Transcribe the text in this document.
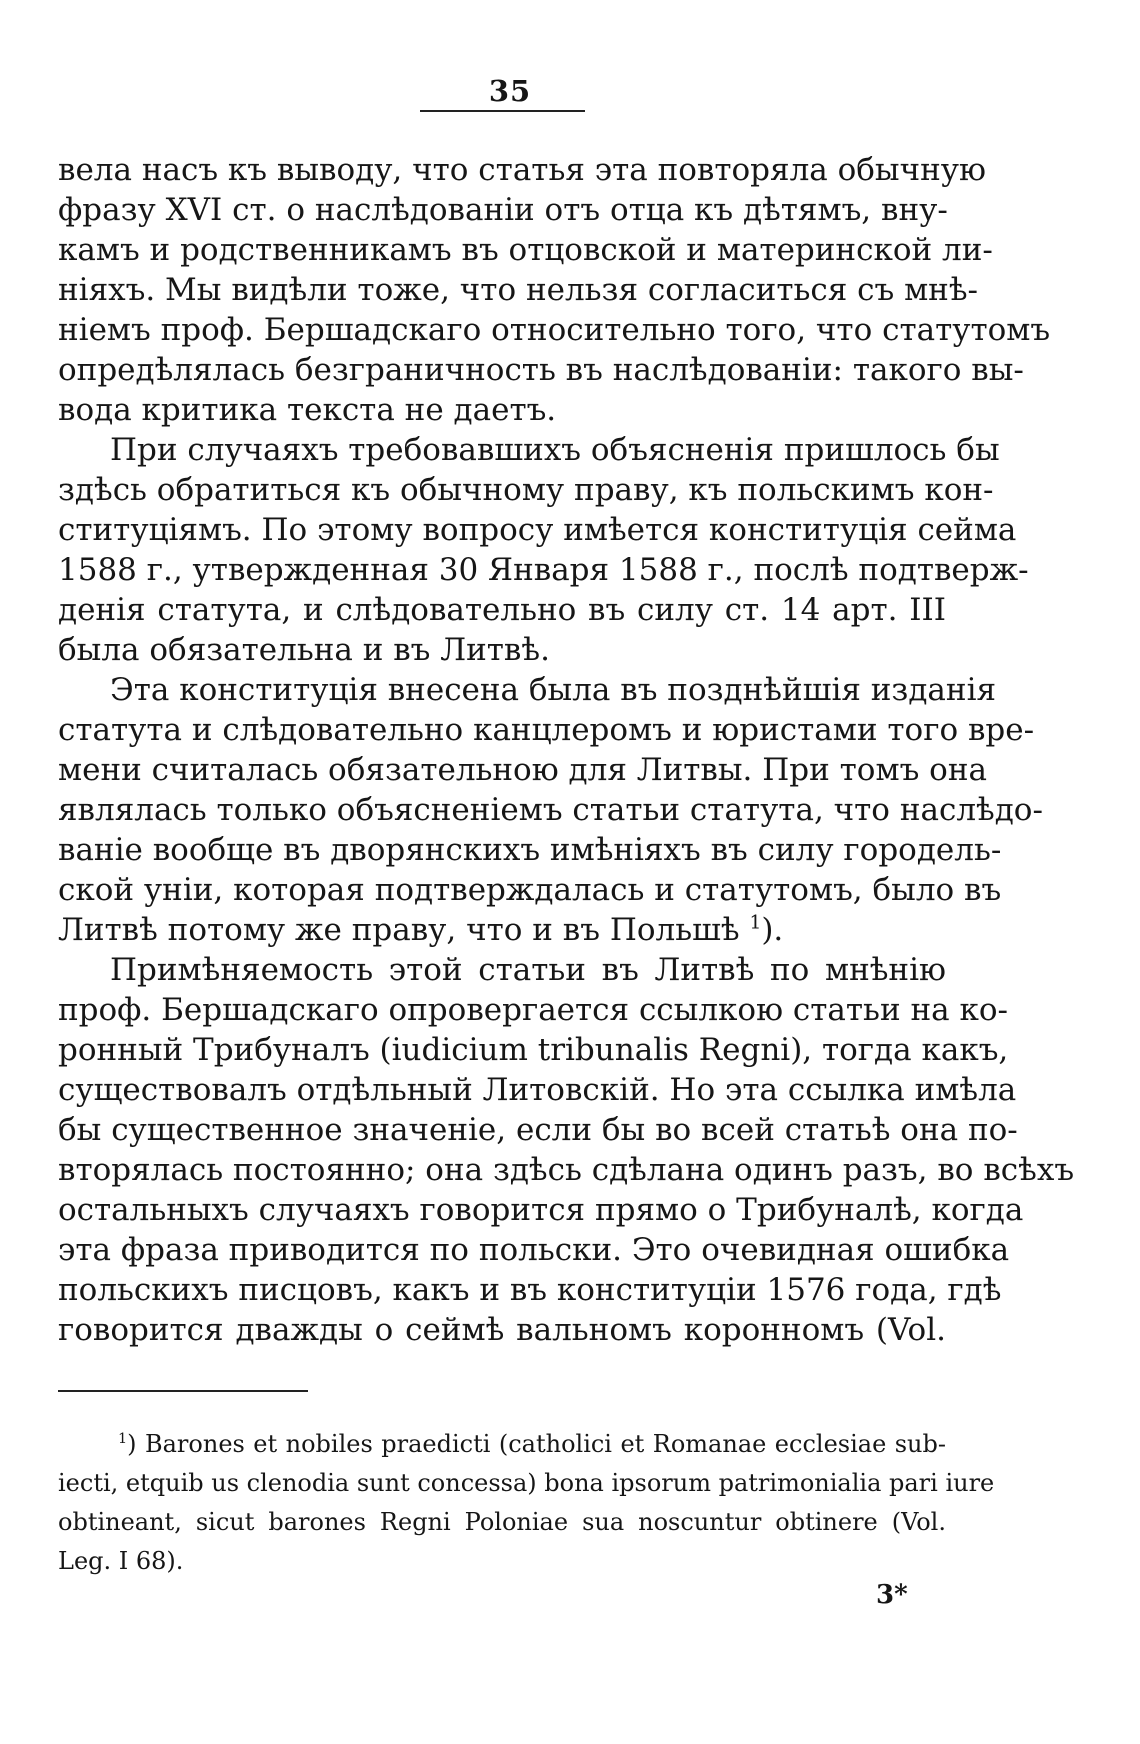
35

вела насъ къ выводу, что статья эта повторяла обычную
фразу XVI ст. о наслѣдованіи отъ отца къ дѣтямъ, вну-
камъ и родственникамъ въ отцовской и материнской ли-
ніяхъ. Мы видѣли тоже, что нельзя согласиться съ мнѣ-
ніемъ проф. Бершадскаго относительно того, что статутомъ
опредѣлялась безграничность въ наслѣдованіи: такого вы-
вода критика текста не даетъ.

При случаяхъ требовавшихъ объясненія пришлось бы
здѣсь обратиться къ обычному праву, къ польскимъ кон-
ституціямъ. По этому вопросу имѣется конституція сейма
1588 г., утвержденная 30 Января 1588 г., послѣ подтверж-
денія статута, и слѣдовательно въ силу ст. 14 арт. III
была обязательна и въ Литвѣ.

Эта конституція внесена была въ позднѣйшія изданія
статута и слѣдовательно канцлеромъ и юристами того вре-
мени считалась обязательною для Литвы. При томъ она
являлась только объясненіемъ статьи статута, что наслѣдо-
ваніе вообще въ дворянскихъ имѣніяхъ въ силу городель-
ской уніи, которая подтверждалась и статутомъ, было въ
Литвѣ потому же праву, что и въ Польшѣ $^1$).

Примѣняемость этой статьи въ Литвѣ по мнѣнію
проф. Бершадскаго опровергается ссылкою статьи на ко-
ронный Трибуналъ (iudicium tribunalis Regni), тогда какъ,
существовалъ отдѣльный Литовскій. Но эта ссылка имѣла
бы существенное значеніе, если бы во всей статьѣ она по-
вторялась постоянно; она здѣсь сдѣлана одинъ разъ, во всѣхъ
остальныхъ случаяхъ говорится прямо о Трибуналѣ, когда
эта фраза приводится по польски. Это очевидная ошибка
польскихъ писцовъ, какъ и въ конституціи 1576 года, гдѣ
говорится дважды о сеймѣ вальномъ коронномъ (Vol.

$^1$) Barones et nobiles praedicti (catholici et Romanae ecclesiae sub-
iecti, etquib us clenodia sunt concessa) bona ipsorum patrimonialia pari iure
obtineant, sicut barones Regni Poloniae sua noscuntur obtinere (Vol.
Leg. I 68).
3*
